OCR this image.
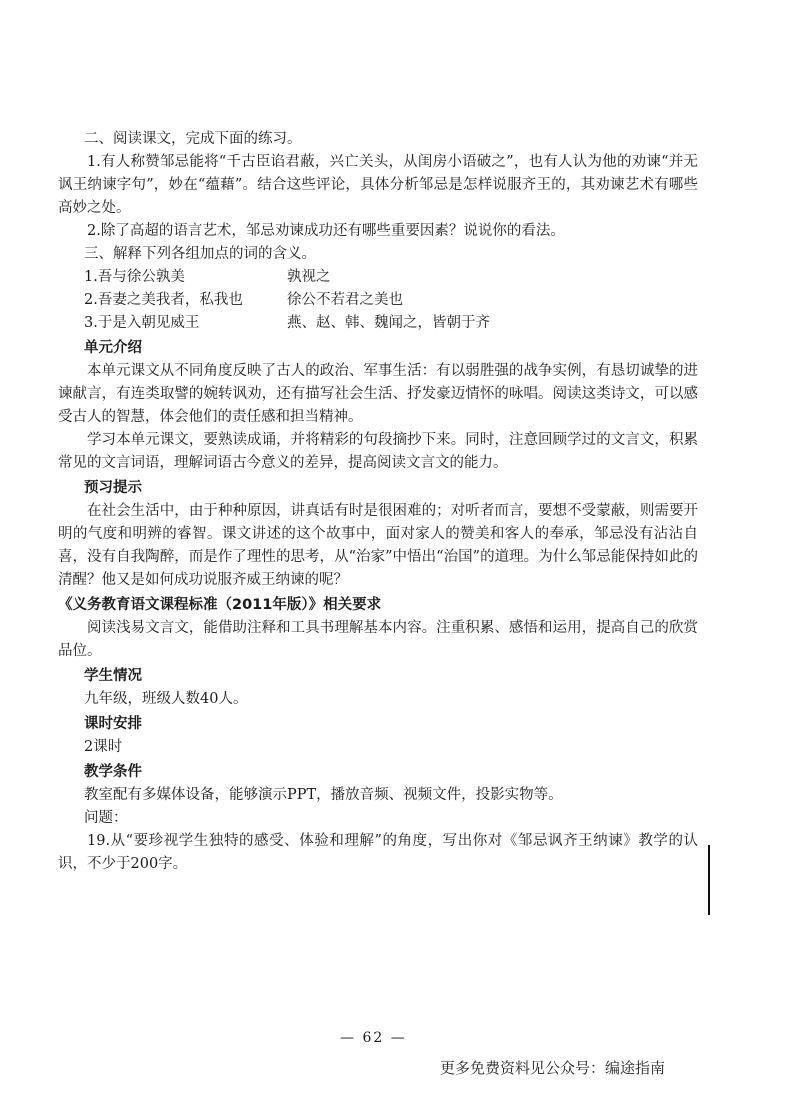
二、阅读课文，完成下面的练习。

1.有人称赞邹忌能将“千古臣谄君蔽，兴亡关头，从闺房小语破之”，也有人认为他的劝谏“并无讽王纳谏字句”，妙在“蕴藉”。结合这些评论，具体分析邹忌是怎样说服齐王的，其劝谏艺术有哪些高妙之处。

2.除了高超的语言艺术，邹忌劝谏成功还有哪些重要因素？说说你的看法。

三、解释下列各组加点的词的含义。

1.吾与徐公孰美	孰视之
2.吾妻之美我者，私我也	徐公不若君之美也
3.于是入朝见威王	燕、赵、韩、魏闻之，皆朝于齐

单元介绍

本单元课文从不同角度反映了古人的政治、军事生活：有以弱胜强的战争实例，有恳切诚挚的进谏献言，有连类取譬的婉转讽劝，还有描写社会生活、抒发豪迈情怀的咏唱。阅读这类诗文，可以感受古人的智慧，体会他们的责任感和担当精神。

学习本单元课文，要熟读成诵，并将精彩的句段摘抄下来。同时，注意回顾学过的文言文，积累常见的文言词语，理解词语古今意义的差异，提高阅读文言文的能力。

预习提示

在社会生活中，由于种种原因，讲真话有时是很困难的；对听者而言，要想不受蒙蔽，则需要开明的气度和明辨的睿智。课文讲述的这个故事中，面对家人的赞美和客人的奉承，邹忌没有沾沾自喜，没有自我陶醉，而是作了理性的思考，从“治家”中悟出“治国”的道理。为什么邹忌能保持如此的清醒？他又是如何成功说服齐威王纳谏的呢？

《义务教育语文课程标准（2011年版）》相关要求

阅读浅易文言文，能借助注释和工具书理解基本内容。注重积累、感悟和运用，提高自己的欣赏品位。

学生情况

九年级，班级人数40人。

课时安排

2课时

教学条件

教室配有多媒体设备，能够演示PPT，播放音频、视频文件，投影实物等。

问题：

19.从“要珍视学生独特的感受、体验和理解”的角度，写出你对《邹忌讽齐王纳谏》教学的认识，不少于200字。

— 62 —
更多免费资料见公众号：编途指南
